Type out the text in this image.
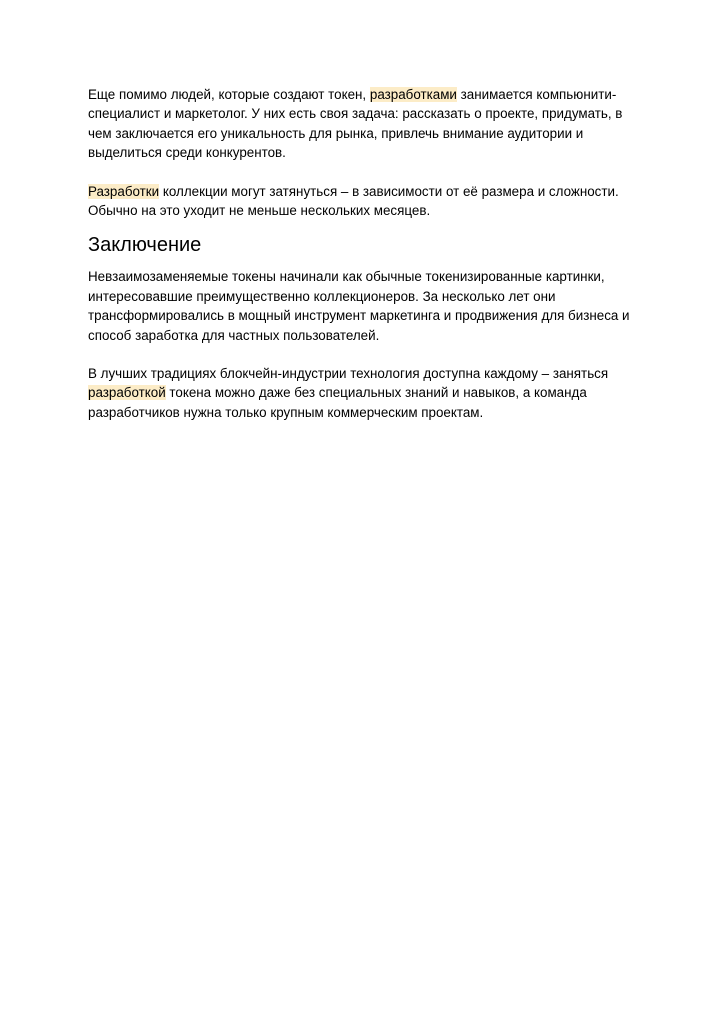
Еще помимо людей, которые создают токен, разработками занимается компьюнити-
специалист и маркетолог. У них есть своя задача: рассказать о проекте, придумать, в
чем заключается его уникальность для рынка, привлечь внимание аудитории и
выделиться среди конкурентов.

Разработки коллекции могут затянуться – в зависимости от её размера и сложности.
Обычно на это уходит не меньше нескольких месяцев.

Заключение

Невзаимозаменяемые токены начинали как обычные токенизированные картинки,
интересовавшие преимущественно коллекционеров. За несколько лет они
трансформировались в мощный инструмент маркетинга и продвижения для бизнеса и
способ заработка для частных пользователей.

В лучших традициях блокчейн-индустрии технология доступна каждому – заняться
разработкой токена можно даже без специальных знаний и навыков, а команда
разработчиков нужна только крупным коммерческим проектам.
